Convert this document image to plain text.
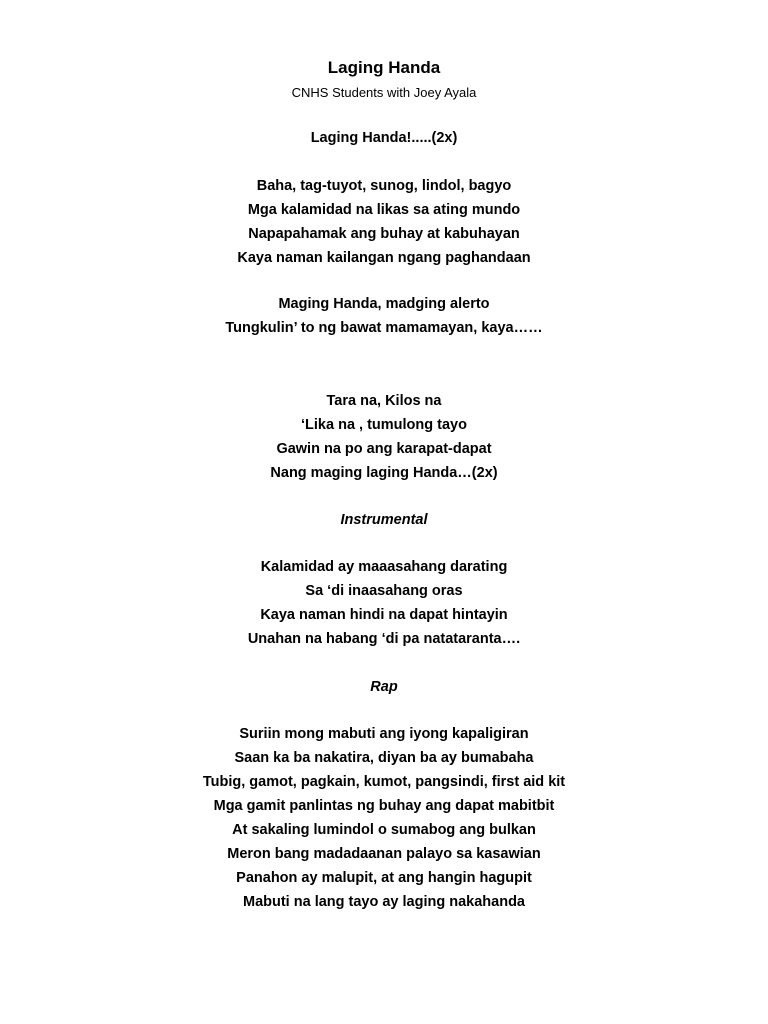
Laging Handa
CNHS Students with Joey Ayala
Laging Handa!.....(2x)
Baha, tag-tuyot, sunog, lindol, bagyo
Mga kalamidad na likas sa ating mundo
Napapahamak ang buhay at kabuhayan
Kaya naman kailangan ngang paghandaan
Maging Handa, madging alerto
Tungkulin’ to ng bawat mamamayan, kaya……
Tara na, Kilos na
‘Lika na , tumulong tayo
Gawin na po ang karapat-dapat
Nang maging laging Handa…(2x)
Instrumental
Kalamidad ay maaasahang darating
Sa ‘di inaasahang oras
Kaya naman hindi na dapat hintayin
Unahan na habang ‘di pa natataranta….
Rap
Suriin mong mabuti ang iyong kapaligiran
Saan ka ba nakatira, diyan ba ay bumabaha
Tubig, gamot, pagkain, kumot, pangsindi, first aid kit
Mga gamit panlintas ng buhay ang dapat mabitbit
At sakaling lumindol o sumabog ang bulkan
Meron bang madadaanan palayo sa kasawian
Panahon ay malupit, at ang hangin hagupit
Mabuti na lang tayo ay laging nakahanda
